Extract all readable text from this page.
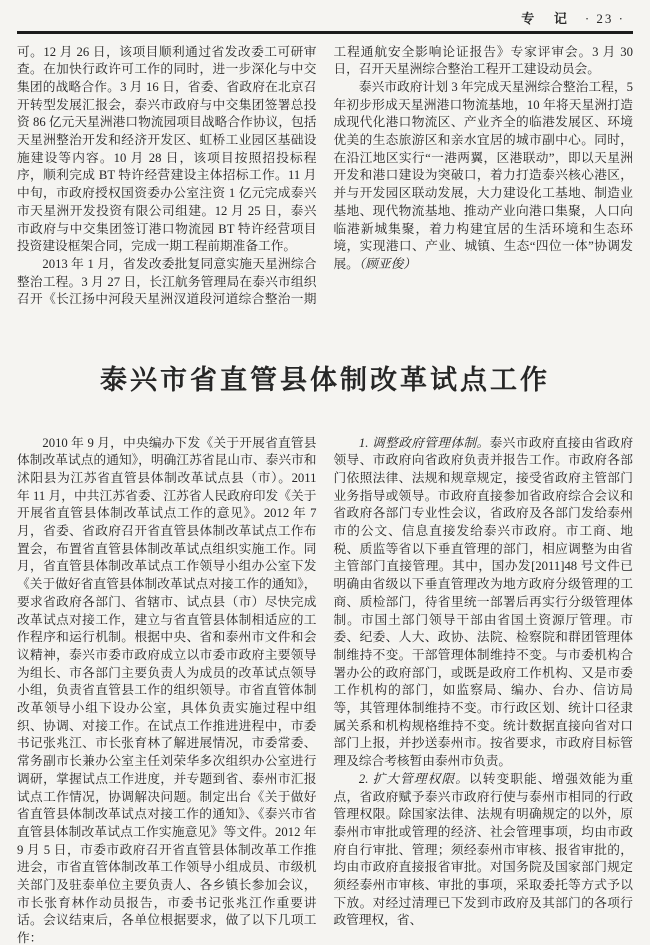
专 记 · 23 ·

可。12 月 26 日，该项目顺利通过省发改委工可研审查。在加快行政许可工作的同时，进一步深化与中交集团的战略合作。3 月 16 日，省委、省政府在北京召开转型发展汇报会，泰兴市政府与中交集团签署总投资 86 亿元天星洲港口物流园项目战略合作协议，包括天星洲整治开发和经济开发区、虹桥工业园区基础设施建设等内容。10 月 28 日，该项目按照招投标程序，顺利完成 BT 特许经营建设主体招标工作。11 月中旬，市政府授权国资委办公室注资 1 亿元完成泰兴市天星洲开发投资有限公司组建。12 月 25 日，泰兴市政府与中交集团签订港口物流园 BT 特许经营项目投资建设框架合同，完成一期工程前期准备工作。

2013 年 1 月，省发改委批复同意实施天星洲综合整治工程。3 月 27 日，长江航务管理局在泰兴市组织召开《长江扬中河段天星洲汊道段河道综合整治一期工程通航安全影响论证报告》专家评审会。3 月 30 日，召开天星洲综合整治工程开工建设动员会。

泰兴市政府计划 3 年完成天星洲综合整治工程，5 年初步形成天星洲港口物流基地，10 年将天星洲打造成现代化港口物流区、产业齐全的临港发展区、环境优美的生态旅游区和亲水宜居的城市副中心。同时，在沿江地区实行“一港两翼，区港联动”，即以天星洲开发和港口建设为突破口，着力打造泰兴核心港区，并与开发园区联动发展，大力建设化工基地、制造业基地、现代物流基地、推动产业向港口集聚，人口向临港新城集聚，着力构建宜居的生活环境和生态环境，实现港口、产业、城镇、生态“四位一体”协调发展。（顾亚俊）

泰兴市省直管县体制改革试点工作

2010 年 9 月，中央编办下发《关于开展省直管县体制改革试点的通知》，明确江苏省昆山市、泰兴市和沭阳县为江苏省直管县体制改革试点县（市）。2011 年 11 月，中共江苏省委、江苏省人民政府印发《关于开展省直管县体制改革试点工作的意见》。2012 年 7 月，省委、省政府召开省直管县体制改革试点工作布置会，布置省直管县体制改革试点组织实施工作。同月，省直管县体制改革试点工作领导小组办公室下发《关于做好省直管县体制改革试点对接工作的通知》，要求省政府各部门、省辖市、试点县（市）尽快完成改革试点对接工作，建立与省直管县体制相适应的工作程序和运行机制。根据中央、省和泰州市文件和会议精神，泰兴市委市政府成立以市委市政府主要领导为组长、市各部门主要负责人为成员的改革试点领导小组，负责省直管县工作的组织领导。市省直管体制改革领导小组下设办公室，具体负责实施过程中组织、协调、对接工作。在试点工作推进进程中，市委书记张兆江、市长张育林了解进展情况，市委常委、常务副市长兼办公室主任刘荣华多次组织办公室进行调研，掌握试点工作进度，并专题到省、泰州市汇报试点工作情况，协调解决问题。制定出台《关于做好省直管县体制改革试点对接工作的通知》、《泰兴市省直管县体制改革试点工作实施意见》等文件。2012 年 9 月 5 日，市委市政府召开省直管县体制改革工作推进会，市省直管体制改革工作领导小组成员、市级机关部门及驻泰单位主要负责人、各乡镇长参加会议，市长张育林作动员报告，市委书记张兆江作重要讲话。会议结束后，各单位根据要求，做了以下几项工作：

1. 调整政府管理体制。泰兴市政府直接由省政府领导、市政府向省政府负责并报告工作。市政府各部门依照法律、法规和规章规定，接受省政府主管部门业务指导或领导。市政府直接参加省政府综合会议和省政府各部门专业性会议，省政府及各部门发给泰州市的公文、信息直接发给泰兴市政府。市工商、地税、质监等省以下垂直管理的部门，相应调整为由省主管部门直接管理。其中，国办发[2011]48 号文件已明确由省级以下垂直管理改为地方政府分级管理的工商、质检部门，待省里统一部署后再实行分级管理体制。市国土部门领导干部由省国土资源厅管理。市委、纪委、人大、政协、法院、检察院和群团管理体制维持不变。干部管理体制维持不变。与市委机构合署办公的政府部门，或既是政府工作机构、又是市委工作机构的部门，如监察局、编办、台办、信访局等，其管理体制维持不变。市行政区划、统计口径隶属关系和机构规格维持不变。统计数据直接向省对口部门上报，并抄送泰州市。按省要求，市政府目标管理及综合考核暂由泰州市负责。

2. 扩大管理权限。以转变职能、增强效能为重点，省政府赋予泰兴市政府行使与泰州市相同的行政管理权限。除国家法律、法规有明确规定的以外，原泰州市审批或管理的经济、社会管理事项，均由市政府自行审批、管理；须经泰州市审核、报省审批的，均由市政府直接报省审批。对国务院及国家部门规定须经泰州市审核、审批的事项，采取委托等方式予以下放。对经过清理已下发到市政府及其部门的各项行政管理权，省、
